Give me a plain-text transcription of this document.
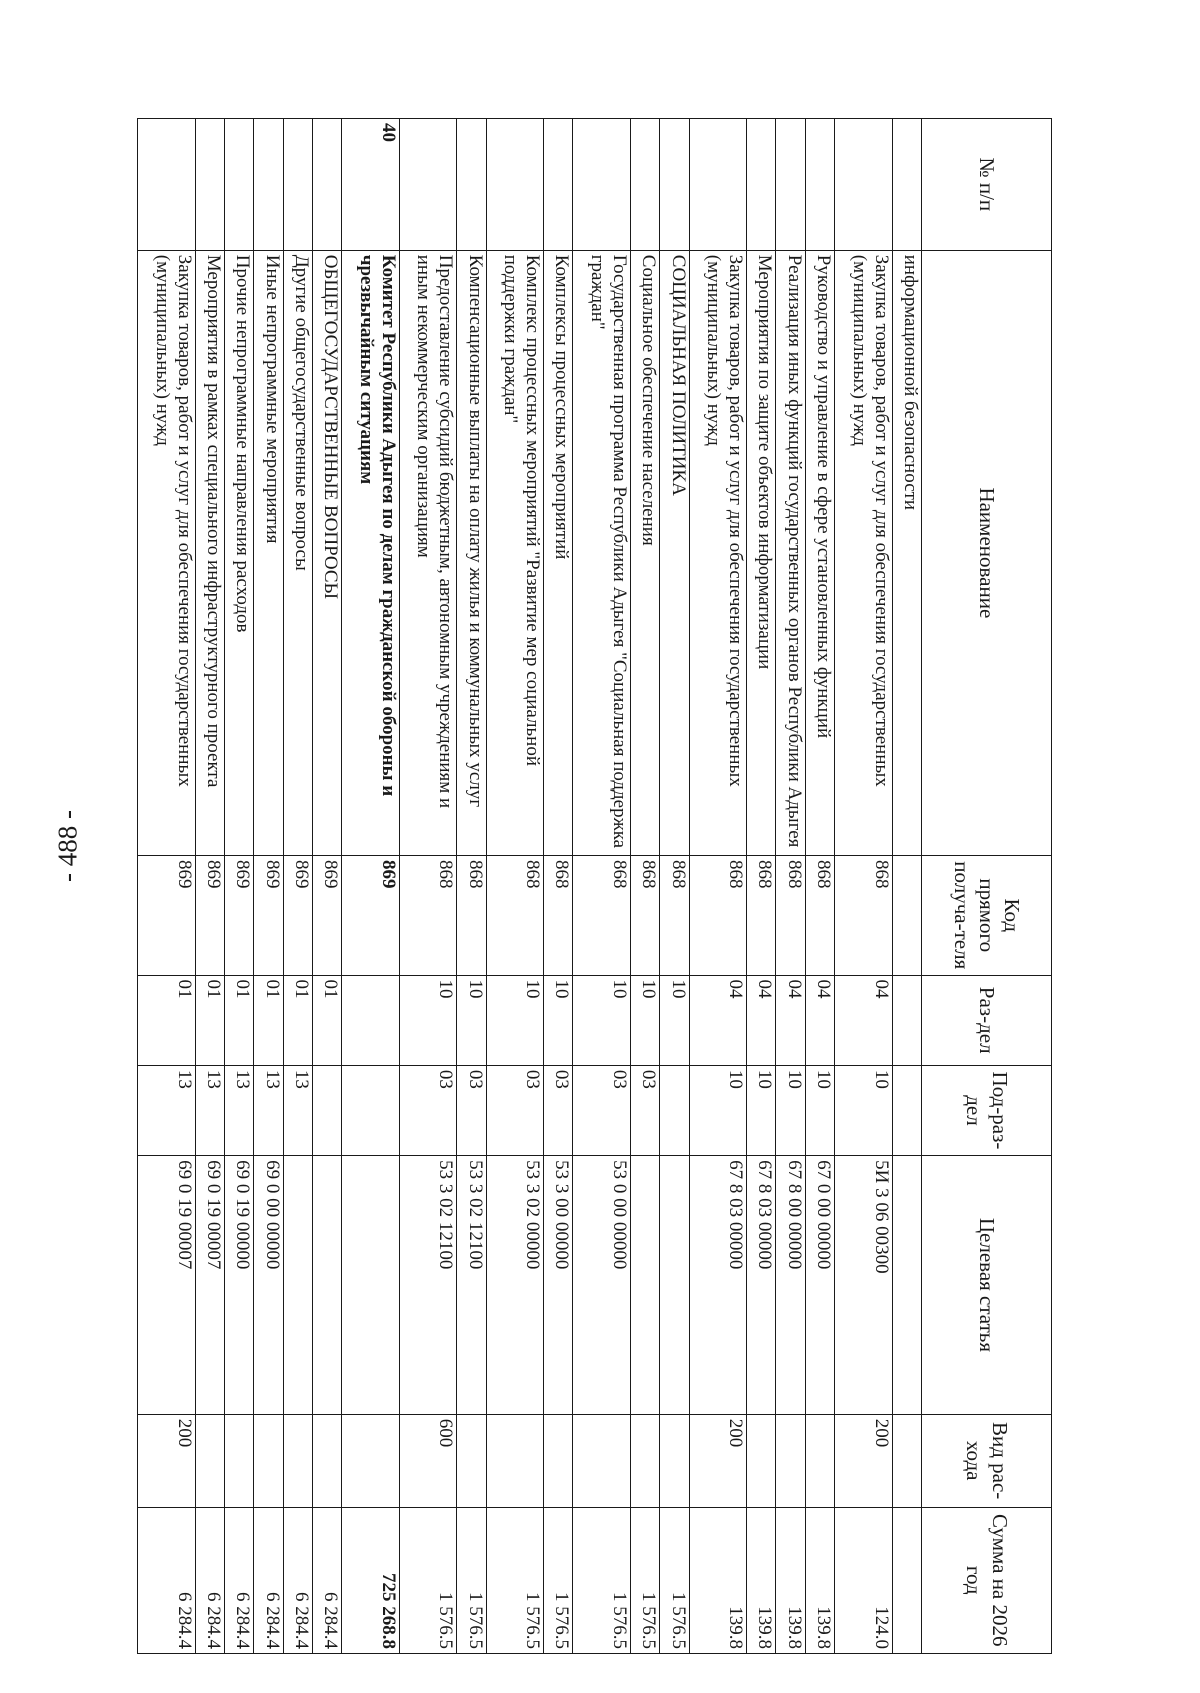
- 488 -
№ п/п	Наименование	Код прямого получа-теля	Раз-дел	Под-раз-дел	Целевая статья	Вид рас-хода	Сумма на 2026 год
	информационной безопасности						
	Закупка товаров, работ и услуг для обеспечения государственных (муниципальных) нужд	868	04	10	5И 3 06 00300	200	124.0
	Руководство и управление в сфере установленных функций	868	04	10	67 0 00 00000		139.8
	Реализация иных функций государственных органов Республики Адыгея	868	04	10	67 8 00 00000		139.8
	Мероприятия по защите объектов информатизации	868	04	10	67 8 03 00000		139.8
	Закупка товаров, работ и услуг для обеспечения государственных (муниципальных) нужд	868	04	10	67 8 03 00000	200	139.8
	СОЦИАЛЬНАЯ ПОЛИТИКА	868	10				1 576.5
	Социальное обеспечение населения	868	10	03			1 576.5
	Государственная программа Республики Адыгея "Социальная поддержка граждан"	868	10	03	53 0 00 00000		1 576.5
	Комплексы процессных мероприятий	868	10	03	53 3 00 00000		1 576.5
	Комплекс процессных мероприятий "Развитие мер социальной поддержки граждан"	868	10	03	53 3 02 00000		1 576.5
	Компенсационные выплаты на оплату жилья и коммунальных услуг	868	10	03	53 3 02 12100		1 576.5
	Предоставление субсидий бюджетным, автономным учреждениям и иным некоммерческим организациям	868	10	03	53 3 02 12100	600	1 576.5
40	Комитет Республики Адыгея по делам гражданской обороны и чрезвычайным ситуациям	869					725 268.8
	ОБЩЕГОСУДАРСТВЕННЫЕ ВОПРОСЫ	869	01				6 284.4
	Другие общегосударственные вопросы	869	01	13			6 284.4
	Иные непрограммные мероприятия	869	01	13	69 0 00 00000		6 284.4
	Прочие непрограммные направления расходов	869	01	13	69 0 19 00000		6 284.4
	Мероприятия в рамках специального инфраструктурного проекта	869	01	13	69 0 19 00007		6 284.4
	Закупка товаров, работ и услуг для обеспечения государственных (муниципальных) нужд	869	01	13	69 0 19 00007	200	6 284.4
